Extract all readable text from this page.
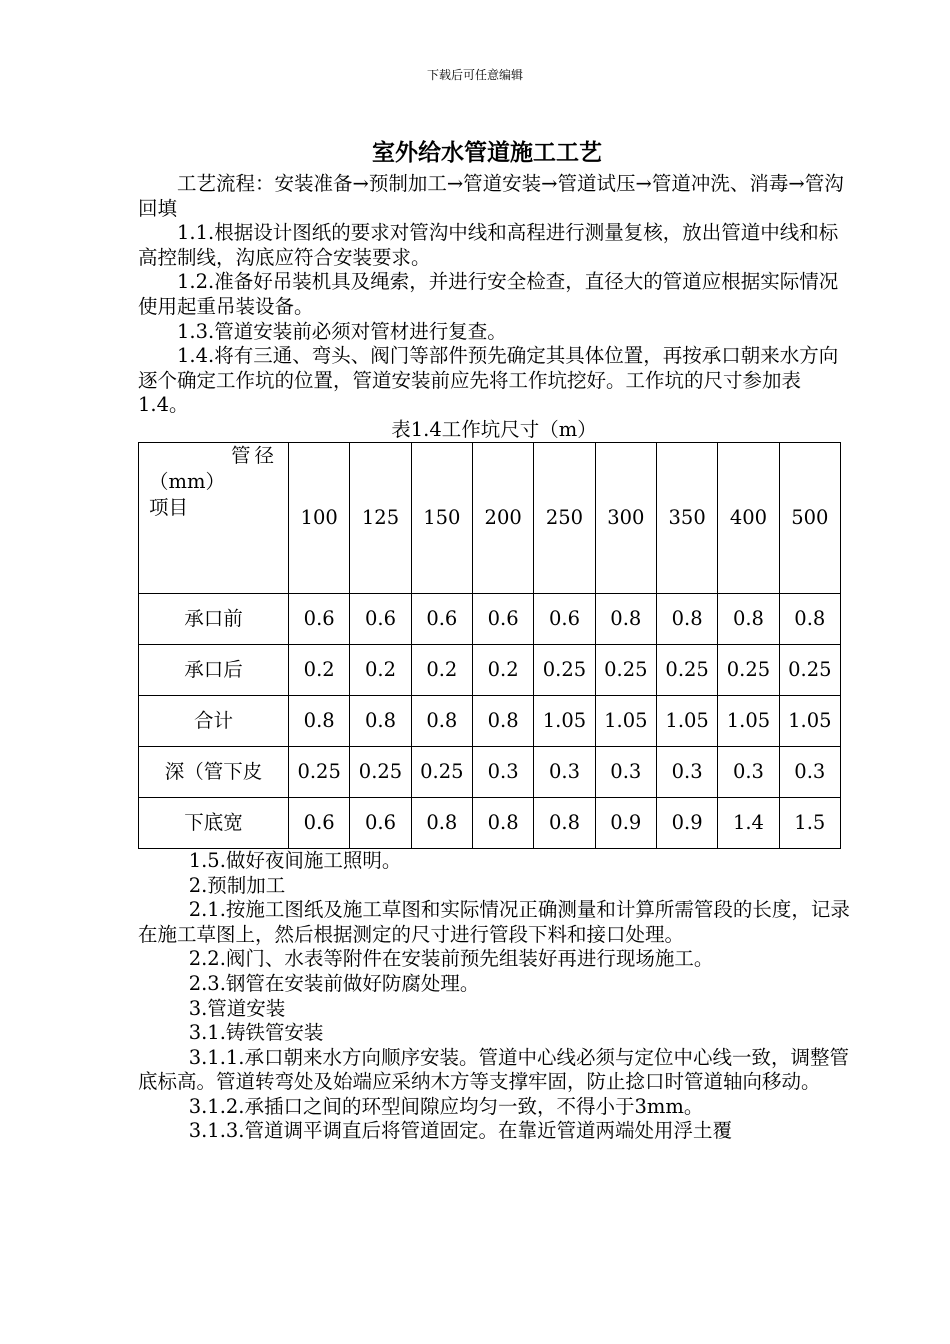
下载后可任意编辑
室外给水管道施工工艺

工艺流程：安装准备→预制加工→管道安装→管道试压→管道冲洗、消毒→管沟回填

1.1.根据设计图纸的要求对管沟中线和高程进行测量复核，放出管道中线和标高控制线，沟底应符合安装要求。

1.2.准备好吊装机具及绳索，并进行安全检查，直径大的管道应根据实际情况使用起重吊装设备。

1.3.管道安装前必须对管材进行复查。

1.4.将有三通、弯头、阀门等部件预先确定其具体位置，再按承口朝来水方向逐个确定工作坑的位置，管道安装前应先将工作坑挖好。工作坑的尺寸参加表1.4。

表1.4工作坑尺寸（m）

管径
（mm）
项目	100	125	150	200	250	300	350	400	500
承口前	0.6	0.6	0.6	0.6	0.6	0.8	0.8	0.8	0.8
承口后	0.2	0.2	0.2	0.2	0.25	0.25	0.25	0.25	0.25
合计	0.8	0.8	0.8	0.8	1.05	1.05	1.05	1.05	1.05
深（管下皮	0.25	0.25	0.25	0.3	0.3	0.3	0.3	0.3	0.3
下底宽	0.6	0.6	0.8	0.8	0.8	0.9	0.9	1.4	1.5

1.5.做好夜间施工照明。

2.预制加工

2.1.按施工图纸及施工草图和实际情况正确测量和计算所需管段的长度，记录在施工草图上，然后根据测定的尺寸进行管段下料和接口处理。

2.2.阀门、水表等附件在安装前预先组装好再进行现场施工。

2.3.钢管在安装前做好防腐处理。

3.管道安装

3.1.铸铁管安装

3.1.1.承口朝来水方向顺序安装。管道中心线必须与定位中心线一致，调整管底标高。管道转弯处及始端应采纳木方等支撑牢固，防止捻口时管道轴向移动。

3.1.2.承插口之间的环型间隙应均匀一致，不得小于3mm。

3.1.3.管道调平调直后将管道固定。在靠近管道两端处用浮土覆
